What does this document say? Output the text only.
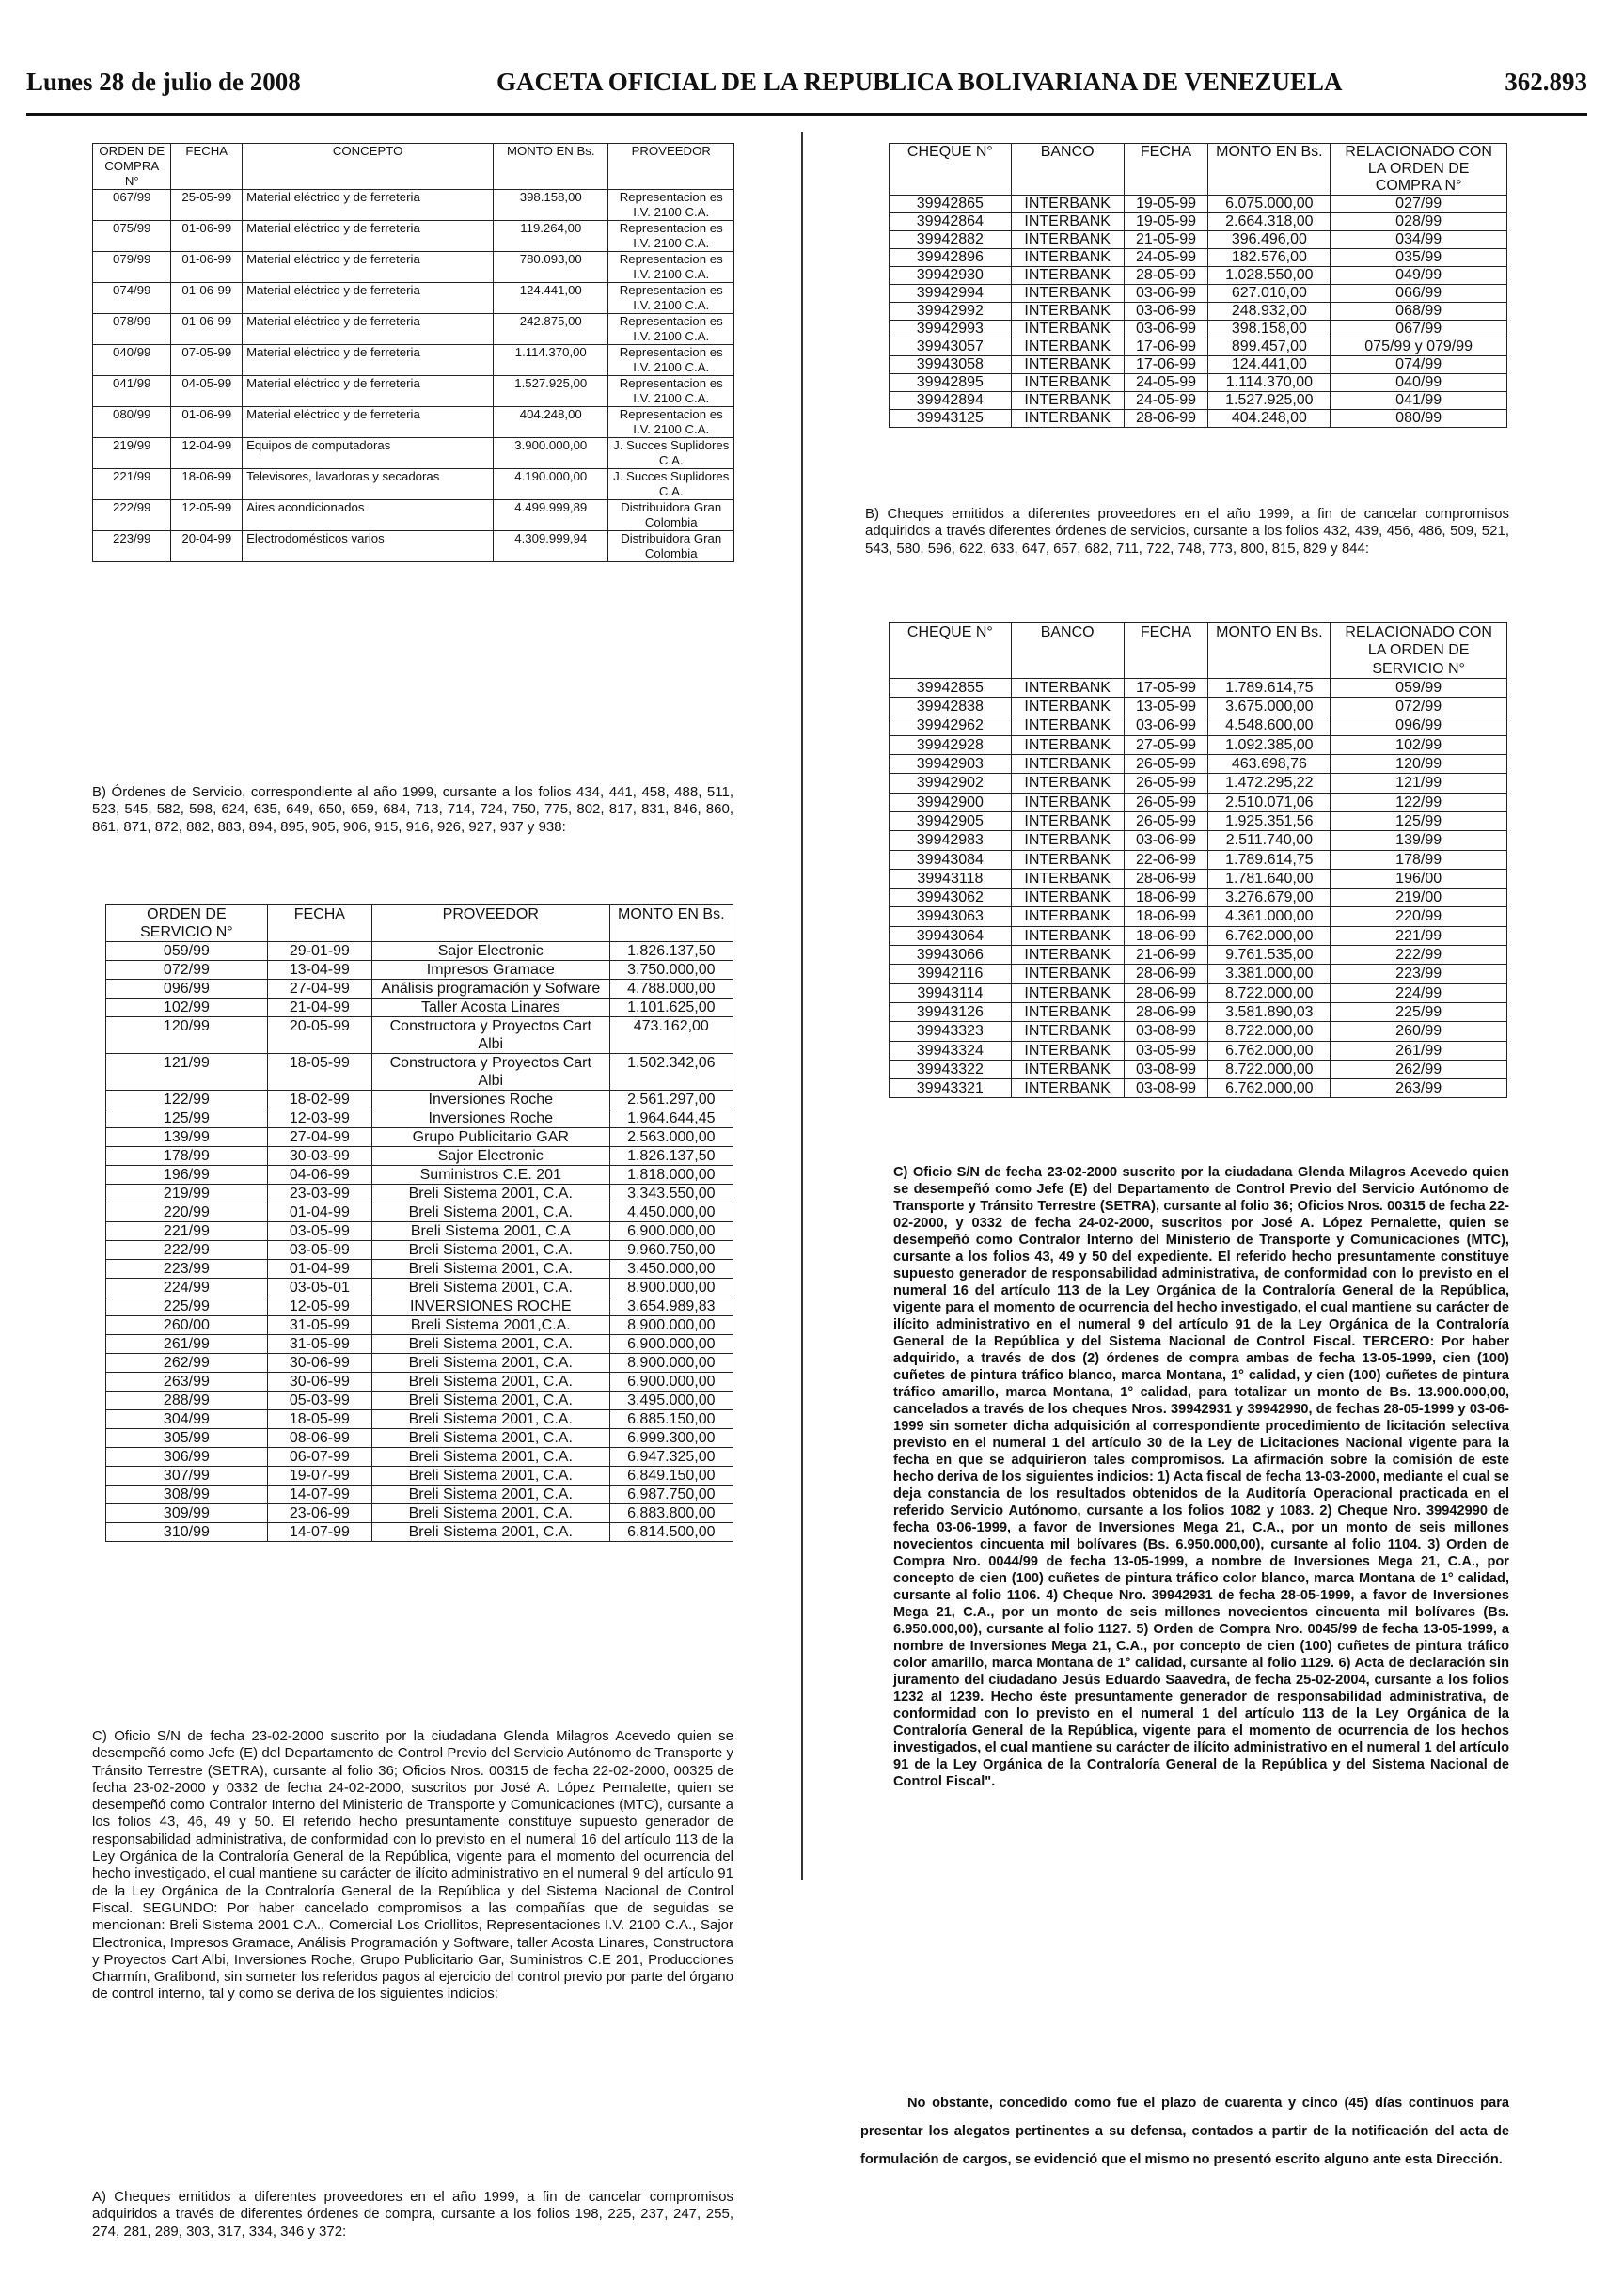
Lunes 28 de julio de 2008	GACETA OFICIAL DE LA REPUBLICA BOLIVARIANA DE VENEZUELA	362.893
ORDEN DE COMPRA N°	FECHA	CONCEPTO	MONTO EN Bs.	PROVEEDOR
067/99	25-05-99	Material eléctrico y de ferreteria	398.158,00	Representacion es I.V. 2100 C.A.
075/99	01-06-99	Material eléctrico y de ferreteria	119.264,00	Representacion es I.V. 2100 C.A.
079/99	01-06-99	Material eléctrico y de ferreteria	780.093,00	Representacion es I.V. 2100 C.A.
074/99	01-06-99	Material eléctrico y de ferreteria	124.441,00	Representacion es I.V. 2100 C.A.
078/99	01-06-99	Material eléctrico y de ferreteria	242.875,00	Representacion es I.V. 2100 C.A.
040/99	07-05-99	Material eléctrico y de ferreteria	1.114.370,00	Representacion es I.V. 2100 C.A.
041/99	04-05-99	Material eléctrico y de ferreteria	1.527.925,00	Representacion es I.V. 2100 C.A.
080/99	01-06-99	Material eléctrico y de ferreteria	404.248,00	Representacion es I.V. 2100 C.A.
219/99	12-04-99	Equipos de computadoras	3.900.000,00	J. Succes Suplidores C.A.
221/99	18-06-99	Televisores, lavadoras y secadoras	4.190.000,00	J. Succes Suplidores C.A.
222/99	12-05-99	Aires acondicionados	4.499.999,89	Distribuidora Gran Colombia
223/99	20-04-99	Electrodomésticos varios	4.309.999,94	Distribuidora Gran Colombia
B) Órdenes de Servicio, correspondiente al año 1999, cursante a los folios 434, 441, 458, 488, 511, 523, 545, 582, 598, 624, 635, 649, 650, 659, 684, 713, 714, 724, 750, 775, 802, 817, 831, 846, 860, 861, 871, 872, 882, 883, 894, 895, 905, 906, 915, 916, 926, 927, 937 y 938:
ORDEN DE SERVICIO N°	FECHA	PROVEEDOR	MONTO EN Bs.
059/99	29-01-99	Sajor Electronic	1.826.137,50
072/99	13-04-99	Impresos Gramace	3.750.000,00
096/99	27-04-99	Análisis programación y Sofware	4.788.000,00
102/99	21-04-99	Taller Acosta Linares	1.101.625,00
120/99	20-05-99	Constructora y Proyectos Cart Albi	473.162,00
121/99	18-05-99	Constructora y Proyectos Cart Albi	1.502.342,06
122/99	18-02-99	Inversiones Roche	2.561.297,00
125/99	12-03-99	Inversiones Roche	1.964.644,45
139/99	27-04-99	Grupo Publicitario GAR	2.563.000,00
178/99	30-03-99	Sajor Electronic	1.826.137,50
196/99	04-06-99	Suministros C.E. 201	1.818.000,00
219/99	23-03-99	Breli Sistema 2001, C.A.	3.343.550,00
220/99	01-04-99	Breli Sistema 2001, C.A.	4.450.000,00
221/99	03-05-99	Breli Sistema 2001, C.A	6.900.000,00
222/99	03-05-99	Breli Sistema 2001, C.A.	9.960.750,00
223/99	01-04-99	Breli Sistema 2001, C.A.	3.450.000,00
224/99	03-05-01	Breli Sistema 2001, C.A.	8.900.000,00
225/99	12-05-99	INVERSIONES ROCHE	3.654.989,83
260/00	31-05-99	Breli Sistema 2001,C.A.	8.900.000,00
261/99	31-05-99	Breli Sistema 2001, C.A.	6.900.000,00
262/99	30-06-99	Breli Sistema 2001, C.A.	8.900.000,00
263/99	30-06-99	Breli Sistema 2001, C.A.	6.900.000,00
288/99	05-03-99	Breli Sistema 2001, C.A.	3.495.000,00
304/99	18-05-99	Breli Sistema 2001, C.A.	6.885.150,00
305/99	08-06-99	Breli Sistema 2001, C.A.	6.999.300,00
306/99	06-07-99	Breli Sistema 2001, C.A.	6.947.325,00
307/99	19-07-99	Breli Sistema 2001, C.A.	6.849.150,00
308/99	14-07-99	Breli Sistema 2001, C.A.	6.987.750,00
309/99	23-06-99	Breli Sistema 2001, C.A.	6.883.800,00
310/99	14-07-99	Breli Sistema 2001, C.A.	6.814.500,00
C) Oficio S/N de fecha 23-02-2000 suscrito por la ciudadana Glenda Milagros Acevedo quien se desempeñó como Jefe (E) del Departamento de Control Previo del Servicio Autónomo de Transporte y Tránsito Terrestre (SETRA), cursante al folio 36; Oficios Nros. 00315 de fecha 22-02-2000, 00325 de fecha 23-02-2000 y 0332 de fecha 24-02-2000, suscritos por José A. López Pernalette, quien se desempeñó como Contralor Interno del Ministerio de Transporte y Comunicaciones (MTC), cursante a los folios 43, 46, 49 y 50. El referido hecho presuntamente constituye supuesto generador de responsabilidad administrativa, de conformidad con lo previsto en el numeral 16 del artículo 113 de la Ley Orgánica de la Contraloría General de la República, vigente para el momento del ocurrencia del hecho investigado, el cual mantiene su carácter de ilícito administrativo en el numeral 9 del artículo 91 de la Ley Orgánica de la Contraloría General de la República y del Sistema Nacional de Control Fiscal. SEGUNDO: Por haber cancelado compromisos a las compañías que de seguidas se mencionan: Breli Sistema 2001 C.A., Comercial Los Criollitos, Representaciones I.V. 2100 C.A., Sajor Electronica, Impresos Gramace, Análisis Programación y Software, taller Acosta Linares, Constructora y Proyectos Cart Albi, Inversiones Roche, Grupo Publicitario Gar, Suministros C.E 201, Producciones Charmín, Grafibond, sin someter los referidos pagos al ejercicio del control previo por parte del órgano de control interno, tal y como se deriva de los siguientes indicios:
A) Cheques emitidos a diferentes proveedores en el año 1999, a fin de cancelar compromisos adquiridos a través de diferentes órdenes de compra, cursante a los folios 198, 225, 237, 247, 255, 274, 281, 289, 303, 317, 334, 346 y 372:
CHEQUE N°	BANCO	FECHA	MONTO EN Bs.	RELACIONADO CON LA ORDEN DE COMPRA N°
39942865	INTERBANK	19-05-99	6.075.000,00	027/99
39942864	INTERBANK	19-05-99	2.664.318,00	028/99
39942882	INTERBANK	21-05-99	396.496,00	034/99
39942896	INTERBANK	24-05-99	182.576,00	035/99
39942930	INTERBANK	28-05-99	1.028.550,00	049/99
39942994	INTERBANK	03-06-99	627.010,00	066/99
39942992	INTERBANK	03-06-99	248.932,00	068/99
39942993	INTERBANK	03-06-99	398.158,00	067/99
39943057	INTERBANK	17-06-99	899.457,00	075/99 y 079/99
39943058	INTERBANK	17-06-99	124.441,00	074/99
39942895	INTERBANK	24-05-99	1.114.370,00	040/99
39942894	INTERBANK	24-05-99	1.527.925,00	041/99
39943125	INTERBANK	28-06-99	404.248,00	080/99
B) Cheques emitidos a diferentes proveedores en el año 1999, a fin de cancelar compromisos adquiridos a través diferentes órdenes de servicios, cursante a los folios 432, 439, 456, 486, 509, 521, 543, 580, 596, 622, 633, 647, 657, 682, 711, 722, 748, 773, 800, 815, 829 y 844:
CHEQUE N°	BANCO	FECHA	MONTO EN Bs.	RELACIONADO CON LA ORDEN DE SERVICIO N°
39942855	INTERBANK	17-05-99	1.789.614,75	059/99
39942838	INTERBANK	13-05-99	3.675.000,00	072/99
39942962	INTERBANK	03-06-99	4.548.600,00	096/99
39942928	INTERBANK	27-05-99	1.092.385,00	102/99
39942903	INTERBANK	26-05-99	463.698,76	120/99
39942902	INTERBANK	26-05-99	1.472.295,22	121/99
39942900	INTERBANK	26-05-99	2.510.071,06	122/99
39942905	INTERBANK	26-05-99	1.925.351,56	125/99
39942983	INTERBANK	03-06-99	2.511.740,00	139/99
39943084	INTERBANK	22-06-99	1.789.614,75	178/99
39943118	INTERBANK	28-06-99	1.781.640,00	196/00
39943062	INTERBANK	18-06-99	3.276.679,00	219/00
39943063	INTERBANK	18-06-99	4.361.000,00	220/99
39943064	INTERBANK	18-06-99	6.762.000,00	221/99
39943066	INTERBANK	21-06-99	9.761.535,00	222/99
39942116	INTERBANK	28-06-99	3.381.000,00	223/99
39943114	INTERBANK	28-06-99	8.722.000,00	224/99
39943126	INTERBANK	28-06-99	3.581.890,03	225/99
39943323	INTERBANK	03-08-99	8.722.000,00	260/99
39943324	INTERBANK	03-05-99	6.762.000,00	261/99
39943322	INTERBANK	03-08-99	8.722.000,00	262/99
39943321	INTERBANK	03-08-99	6.762.000,00	263/99
C) Oficio S/N de fecha 23-02-2000 suscrito por la ciudadana Glenda Milagros Acevedo quien se desempeñó como Jefe (E) del Departamento de Control Previo del Servicio Autónomo de Transporte y Tránsito Terrestre (SETRA), cursante al folio 36; Oficios Nros. 00315 de fecha 22-02-2000, y 0332 de fecha 24-02-2000, suscritos por José A. López Pernalette, quien se desempeñó como Contralor Interno del Ministerio de Transporte y Comunicaciones (MTC), cursante a los folios 43, 49 y 50 del expediente. El referido hecho presuntamente constituye supuesto generador de responsabilidad administrativa, de conformidad con lo previsto en el numeral 16 del artículo 113 de la Ley Orgánica de la Contraloría General de la República, vigente para el momento de ocurrencia del hecho investigado, el cual mantiene su carácter de ilícito administrativo en el numeral 9 del artículo 91 de la Ley Orgánica de la Contraloría General de la República y del Sistema Nacional de Control Fiscal. TERCERO: Por haber adquirido, a través de dos (2) órdenes de compra ambas de fecha 13-05-1999, cien (100) cuñetes de pintura tráfico blanco, marca Montana, 1° calidad, y cien (100) cuñetes de pintura tráfico amarillo, marca Montana, 1° calidad, para totalizar un monto de Bs. 13.900.000,00, cancelados a través de los cheques Nros. 39942931 y 39942990, de fechas 28-05-1999 y 03-06-1999 sin someter dicha adquisición al correspondiente procedimiento de licitación selectiva previsto en el numeral 1 del artículo 30 de la Ley de Licitaciones Nacional vigente para la fecha en que se adquirieron tales compromisos. La afirmación sobre la comisión de este hecho deriva de los siguientes indicios: 1) Acta fiscal de fecha 13-03-2000, mediante el cual se deja constancia de los resultados obtenidos de la Auditoría Operacional practicada en el referido Servicio Autónomo, cursante a los folios 1082 y 1083. 2) Cheque Nro. 39942990 de fecha 03-06-1999, a favor de Inversiones Mega 21, C.A., por un monto de seis millones novecientos cincuenta mil bolívares (Bs. 6.950.000,00), cursante al folio 1104. 3) Orden de Compra Nro. 0044/99 de fecha 13-05-1999, a nombre de Inversiones Mega 21, C.A., por concepto de cien (100) cuñetes de pintura tráfico color blanco, marca Montana de 1° calidad, cursante al folio 1106. 4) Cheque Nro. 39942931 de fecha 28-05-1999, a favor de Inversiones Mega 21, C.A., por un monto de seis millones novecientos cincuenta mil bolívares (Bs. 6.950.000,00), cursante al folio 1127. 5) Orden de Compra Nro. 0045/99 de fecha 13-05-1999, a nombre de Inversiones Mega 21, C.A., por concepto de cien (100) cuñetes de pintura tráfico color amarillo, marca Montana de 1° calidad, cursante al folio 1129. 6) Acta de declaración sin juramento del ciudadano Jesús Eduardo Saavedra, de fecha 25-02-2004, cursante a los folios 1232 al 1239. Hecho éste presuntamente generador de responsabilidad administrativa, de conformidad con lo previsto en el numeral 1 del artículo 113 de la Ley Orgánica de la Contraloría General de la República, vigente para el momento de ocurrencia de los hechos investigados, el cual mantiene su carácter de ilícito administrativo en el numeral 1 del artículo 91 de la Ley Orgánica de la Contraloría General de la República y del Sistema Nacional de Control Fiscal".
No obstante, concedido como fue el plazo de cuarenta y cinco (45) días continuos para presentar los alegatos pertinentes a su defensa, contados a partir de la notificación del acta de formulación de cargos, se evidenció que el mismo no presentó escrito alguno ante esta Dirección.
